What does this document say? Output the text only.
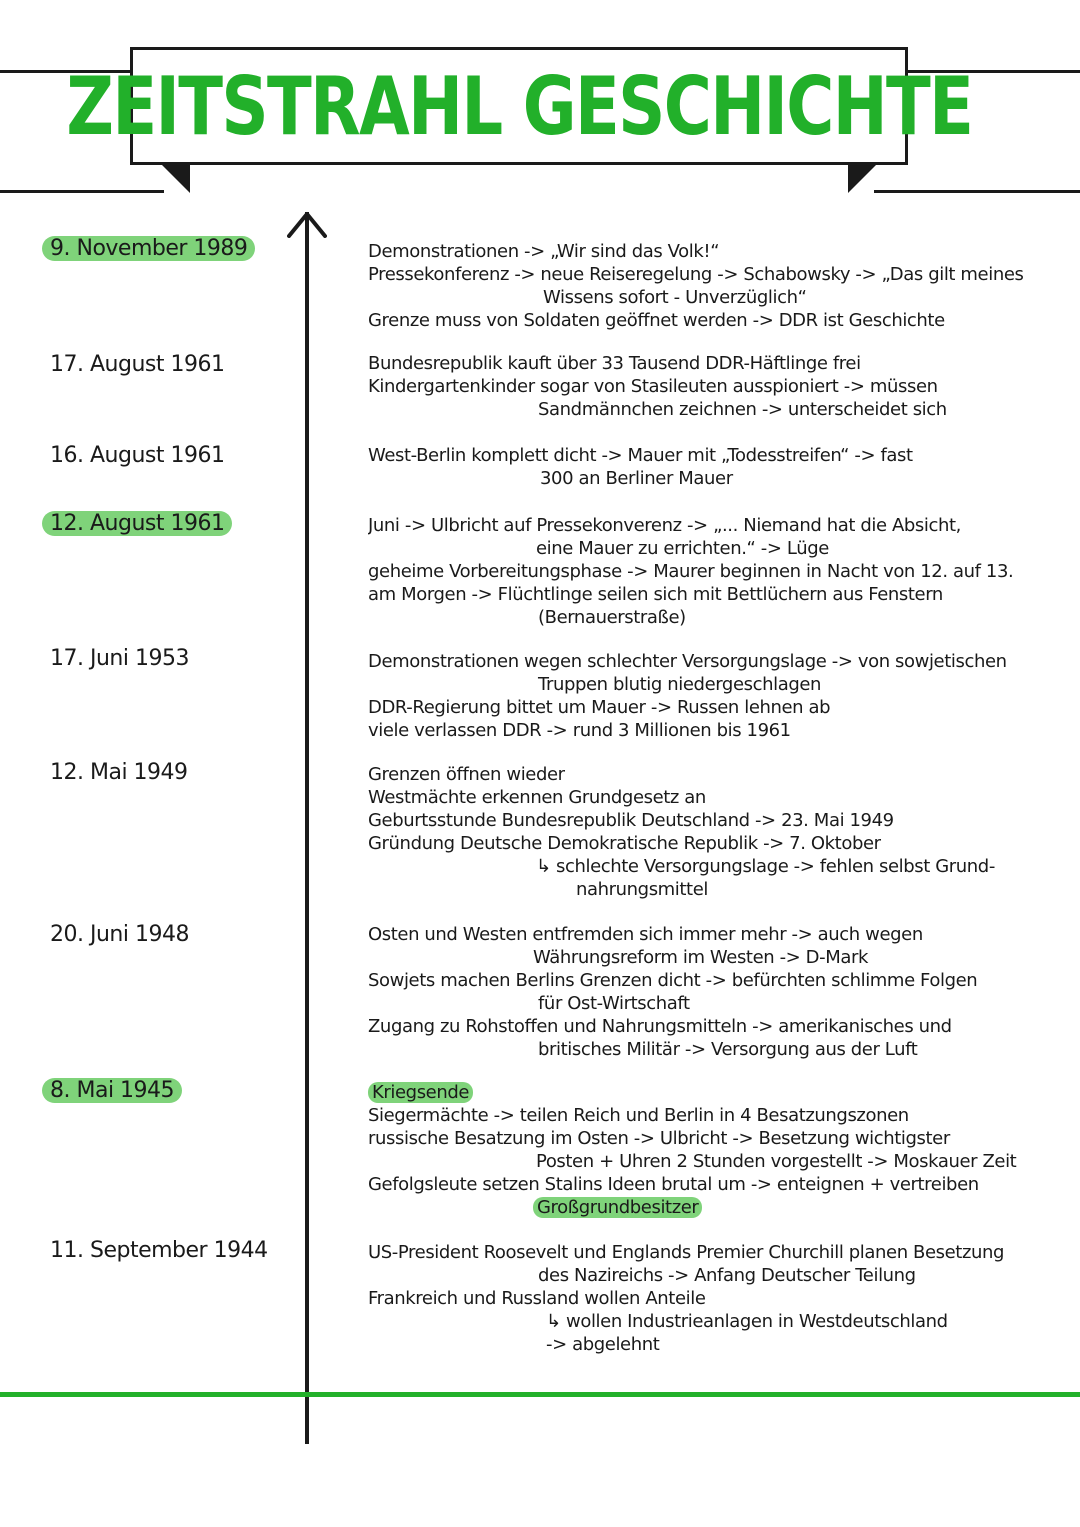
ZEITSTRAHL GESCHICHTE
9. November 1989
17. August 1961
16. August 1961
12. August 1961
17. Juni 1953
12. Mai 1949
20. Juni 1948
8. Mai 1945
11. September 1944
Demonstrationen -> „Wir sind das Volk!“
Pressekonferenz -> neue Reiseregelung -> Schabowsky -> „Das gilt meines
Wissens sofort - Unverzüglich“
Grenze muss von Soldaten geöffnet werden -> DDR ist Geschichte
Bundesrepublik kauft über 33 Tausend DDR-Häftlinge frei
Kindergartenkinder sogar von Stasileuten ausspioniert -> müssen
Sandmännchen zeichnen -> unterscheidet sich
West-Berlin komplett dicht -> Mauer mit „Todesstreifen“ -> fast
300 an Berliner Mauer
Juni -> Ulbricht auf Pressekonverenz -> „... Niemand hat die Absicht,
eine Mauer zu errichten.“ -> Lüge
geheime Vorbereitungsphase -> Maurer beginnen in Nacht von 12. auf 13.
am Morgen -> Flüchtlinge seilen sich mit Bettlüchern aus Fenstern
(Bernauerstraße)
Demonstrationen wegen schlechter Versorgungslage -> von sowjetischen
Truppen blutig niedergeschlagen
DDR-Regierung bittet um Mauer -> Russen lehnen ab
viele verlassen DDR -> rund 3 Millionen bis 1961
Grenzen öffnen wieder
Westmächte erkennen Grundgesetz an
Geburtsstunde Bundesrepublik Deutschland -> 23. Mai 1949
Gründung Deutsche Demokratische Republik -> 7. Oktober
↳ schlechte Versorgungslage -> fehlen selbst Grund-
nahrungsmittel
Osten und Westen entfremden sich immer mehr -> auch wegen
Währungsreform im Westen -> D-Mark
Sowjets machen Berlins Grenzen dicht -> befürchten schlimme Folgen
für Ost-Wirtschaft
Zugang zu Rohstoffen und Nahrungsmitteln -> amerikanisches und
britisches Militär -> Versorgung aus der Luft
Kriegsende
Siegermächte -> teilen Reich und Berlin in 4 Besatzungszonen
russische Besatzung im Osten -> Ulbricht -> Besetzung wichtigster
Posten + Uhren 2 Stunden vorgestellt -> Moskauer Zeit
Gefolgsleute setzen Stalins Ideen brutal um -> enteignen + vertreiben
Großgrundbesitzer
US-President Roosevelt und Englands Premier Churchill planen Besetzung
des Nazireichs -> Anfang Deutscher Teilung
Frankreich und Russland wollen Anteile
↳ wollen Industrieanlagen in Westdeutschland
-> abgelehnt
